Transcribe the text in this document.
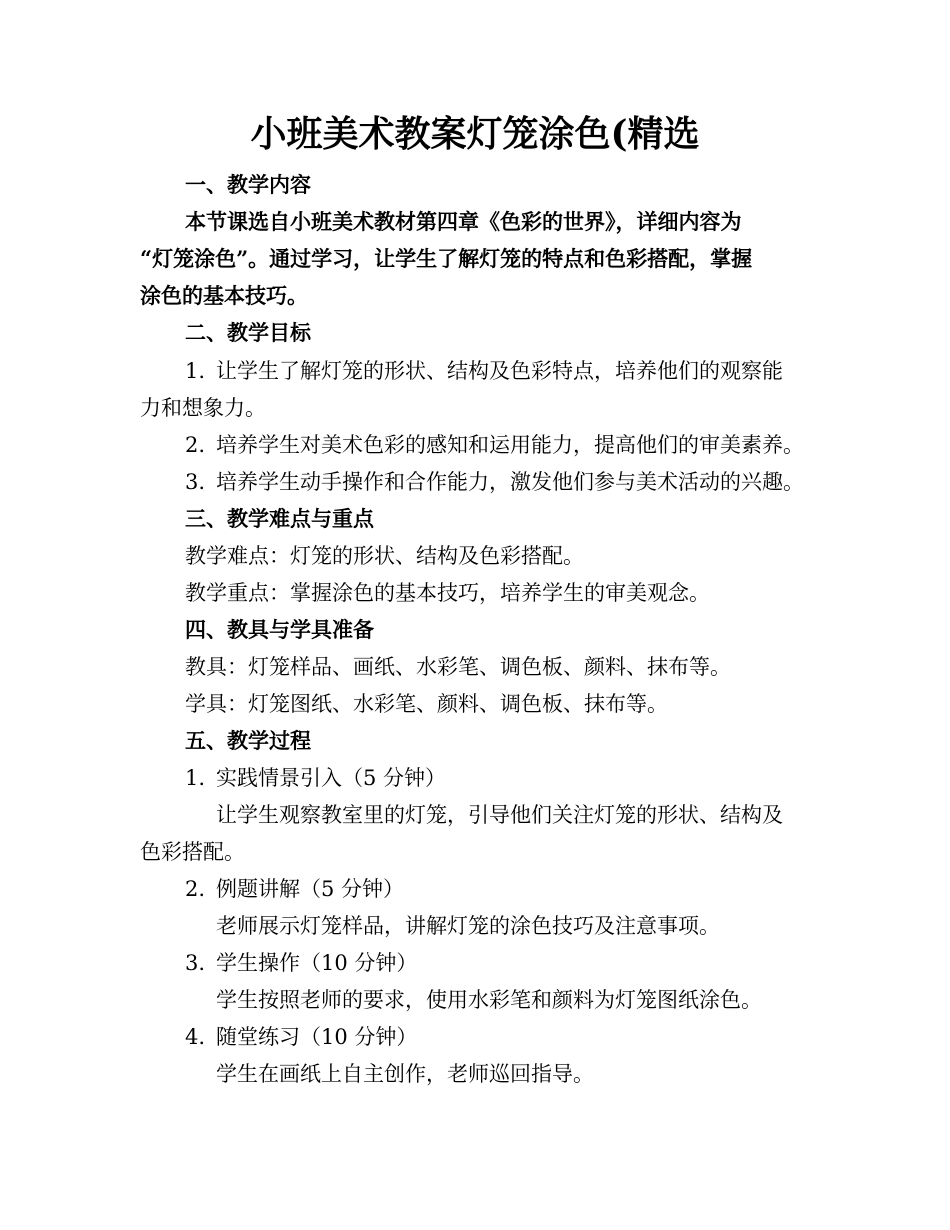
小班美术教案灯笼涂色(精选
一、教学内容
本节课选自小班美术教材第四章《色彩的世界》，详细内容为
“灯笼涂色”。通过学习，让学生了解灯笼的特点和色彩搭配，掌握
涂色的基本技巧。
二、教学目标
1. 让学生了解灯笼的形状、结构及色彩特点，培养他们的观察能
力和想象力。
2. 培养学生对美术色彩的感知和运用能力，提高他们的审美素养。
3. 培养学生动手操作和合作能力，激发他们参与美术活动的兴趣。
三、教学难点与重点
教学难点：灯笼的形状、结构及色彩搭配。
教学重点：掌握涂色的基本技巧，培养学生的审美观念。
四、教具与学具准备
教具：灯笼样品、画纸、水彩笔、调色板、颜料、抹布等。
学具：灯笼图纸、水彩笔、颜料、调色板、抹布等。
五、教学过程
1. 实践情景引入（5 分钟）
让学生观察教室里的灯笼，引导他们关注灯笼的形状、结构及
色彩搭配。
2. 例题讲解（5 分钟）
老师展示灯笼样品，讲解灯笼的涂色技巧及注意事项。
3. 学生操作（10 分钟）
学生按照老师的要求，使用水彩笔和颜料为灯笼图纸涂色。
4. 随堂练习（10 分钟）
学生在画纸上自主创作，老师巡回指导。
